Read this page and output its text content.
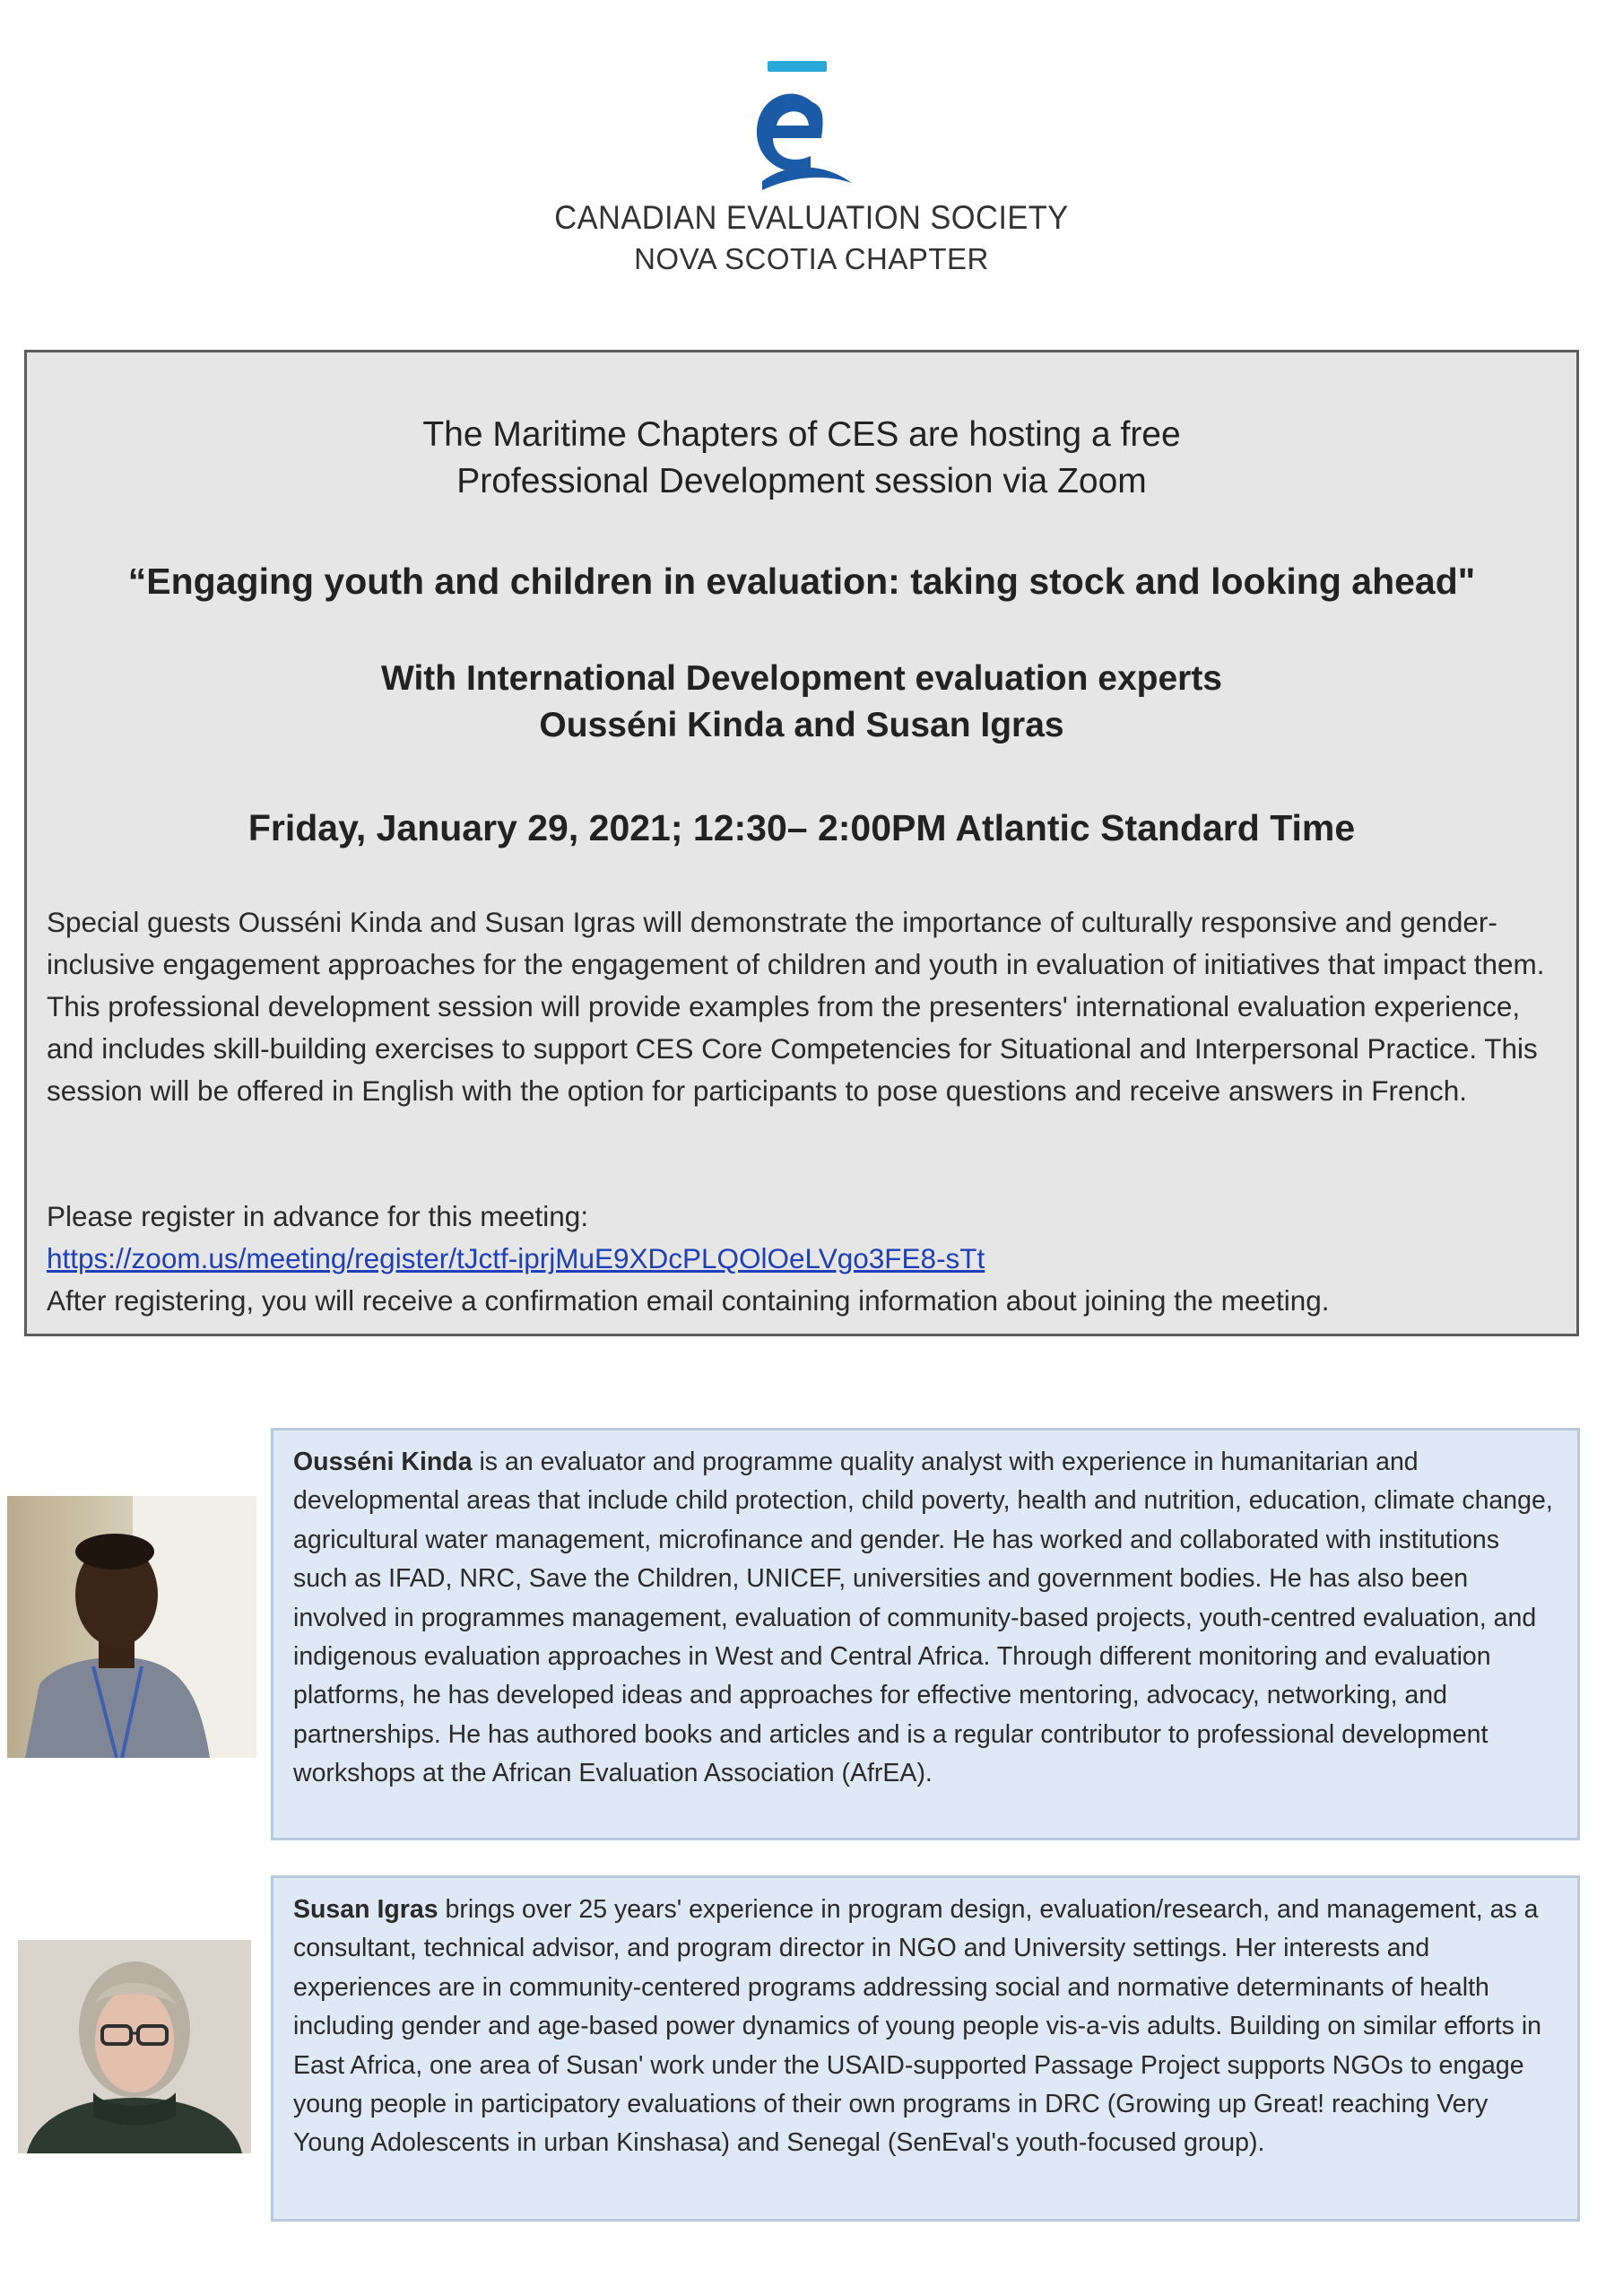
CANADIAN EVALUATION SOCIETY
NOVA SCOTIA CHAPTER
The Maritime Chapters of CES are hosting a free
Professional Development session via Zoom
“Engaging youth and children in evaluation: taking stock and looking ahead"
With International Development evaluation experts
Ousséni Kinda and Susan Igras
Friday, January 29, 2021; 12:30– 2:00PM Atlantic Standard Time
Special guests Ousséni Kinda and Susan Igras will demonstrate the importance of culturally responsive and gender-inclusive engagement approaches for the engagement of children and youth in evaluation of initiatives that impact them. This professional development session will provide examples from the presenters' international evaluation experience, and includes skill-building exercises to support CES Core Competencies for Situational and Interpersonal Practice. This session will be offered in English with the option for participants to pose questions and receive answers in French.
Please register in advance for this meeting:
https://zoom.us/meeting/register/tJctf-iprjMuE9XDcPLQOlOeLVgo3FE8-sTt
After registering, you will receive a confirmation email containing information about joining the meeting.

Ousséni Kinda is an evaluator and programme quality analyst with experience in humanitarian and developmental areas that include child protection, child poverty, health and nutrition, education, climate change, agricultural water management, microfinance and gender. He has worked and collaborated with institutions such as IFAD, NRC, Save the Children, UNICEF, universities and government bodies. He has also been involved in programmes management, evaluation of community-based projects, youth-centred evaluation, and indigenous evaluation approaches in West and Central Africa. Through different monitoring and evaluation platforms, he has developed ideas and approaches for effective mentoring, advocacy, networking, and partnerships. He has authored books and articles and is a regular contributor to professional development workshops at the African Evaluation Association (AfrEA).

Susan Igras brings over 25 years' experience in program design, evaluation/research, and management, as a consultant, technical advisor, and program director in NGO and University settings. Her interests and experiences are in community-centered programs addressing social and normative determinants of health including gender and age-based power dynamics of young people vis-a-vis adults. Building on similar efforts in East Africa, one area of Susan' work under the USAID-supported Passage Project supports NGOs to engage young people in participatory evaluations of their own programs in DRC (Growing up Great! reaching Very Young Adolescents in urban Kinshasa) and Senegal (SenEval's youth-focused group).
